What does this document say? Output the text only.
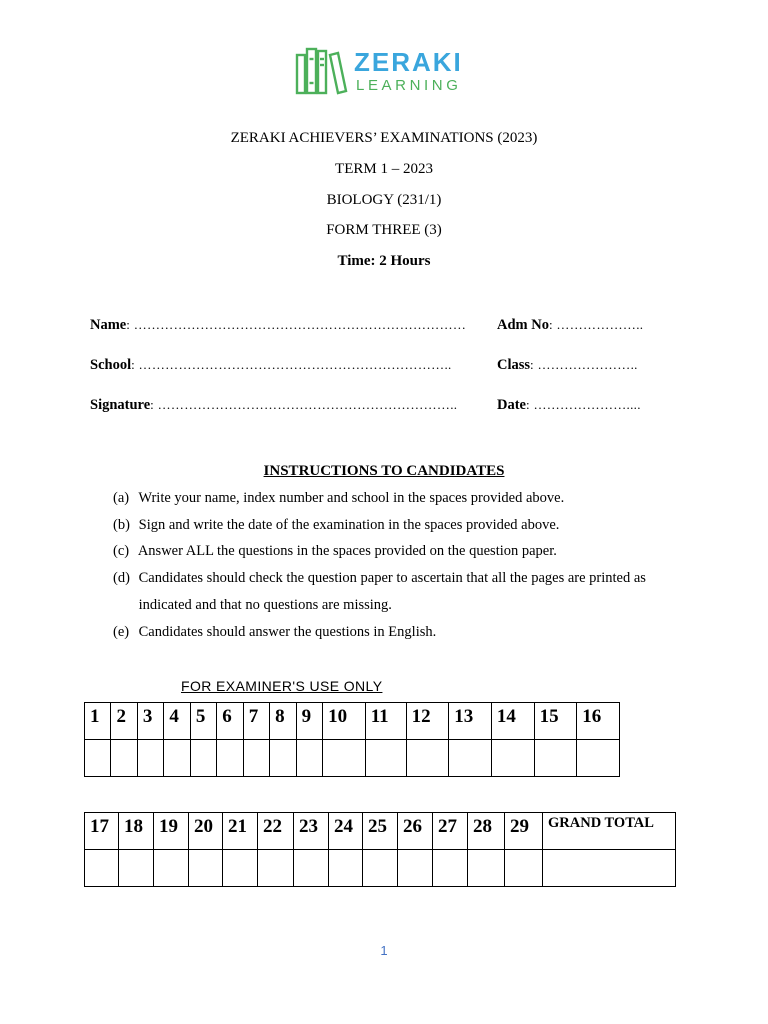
ZERAKI
LEARNING
ZERAKI ACHIEVERS’ EXAMINATIONS (2023)
TERM 1 – 2023
BIOLOGY (231/1)
FORM THREE (3)
Time: 2 Hours
Name: ………………………………………………………………… Adm No: ………………..
School: ……………………………………………………………..	Class: …………………..
Signature: …………………………………………………………..	Date: …………………....
INSTRUCTIONS TO CANDIDATES
(a) Write your name, index number and school in the spaces provided above.
(b) Sign and write the date of the examination in the spaces provided above.
(c) Answer ALL the questions in the spaces provided on the question paper.
(d) Candidates should check the question paper to ascertain that all the pages are printed as
indicated and that no questions are missing.
(e) Candidates should answer the questions in English.
FOR EXAMINER'S USE ONLY
1	2	3	4	5	6	7	8	9	10	11	12	13	14	15	16

17	18	19	20	21	22	23	24	25	26	27	28	29	GRAND TOTAL

1
